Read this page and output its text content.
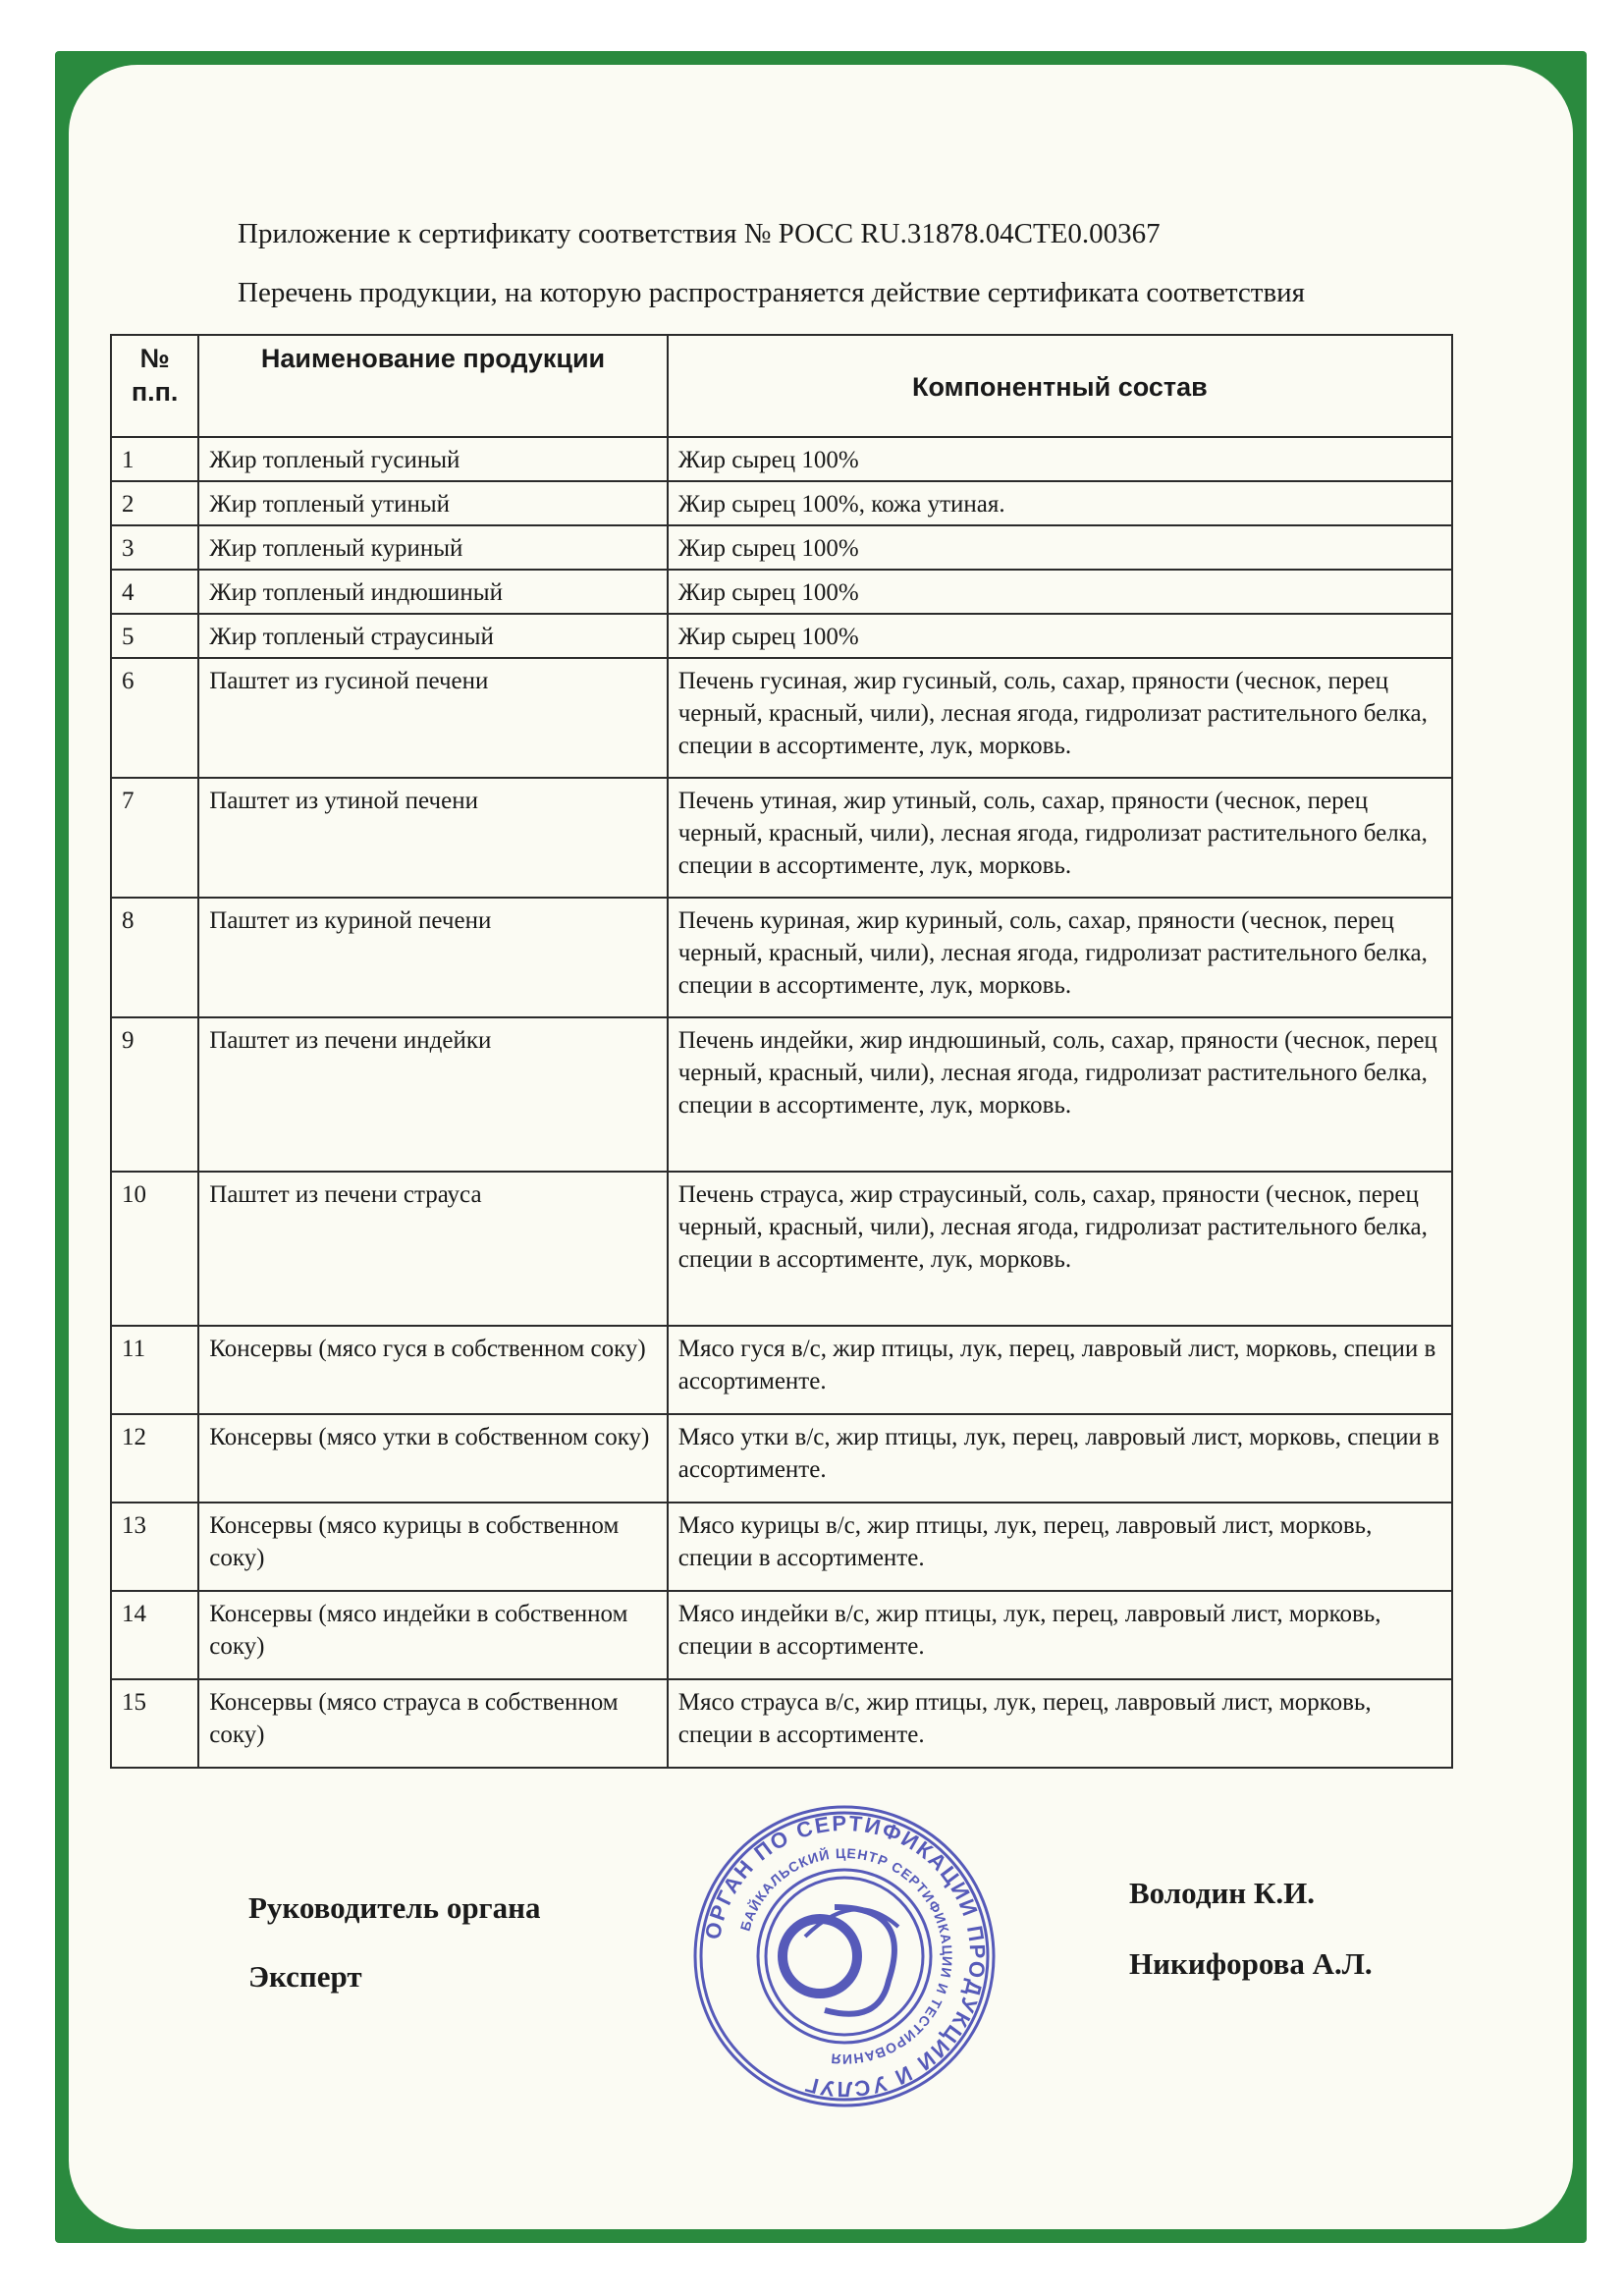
Приложение к сертификату соответствия № РОСС RU.31878.04СТЕ0.00367
Перечень продукции, на которую распространяется действие сертификата соответствия
№ п.п.	Наименование продукции	Компонентный состав
1	Жир топленый гусиный	Жир сырец 100%
2	Жир топленый утиный	Жир сырец 100%, кожа утиная.
3	Жир топленый куриный	Жир сырец 100%
4	Жир топленый индюшиный	Жир сырец 100%
5	Жир топленый страусиный	Жир сырец 100%
6	Паштет из гусиной печени	Печень гусиная, жир гусиный, соль, сахар, пряности (чеснок, перец черный, красный, чили), лесная ягода, гидролизат растительного белка, специи в ассортименте, лук, морковь.
7	Паштет из утиной печени	Печень утиная, жир утиный, соль, сахар, пряности (чеснок, перец черный, красный, чили), лесная ягода, гидролизат растительного белка, специи в ассортименте, лук, морковь.
8	Паштет из куриной печени	Печень куриная, жир куриный, соль, сахар, пряности (чеснок, перец черный, красный, чили), лесная ягода, гидролизат растительного белка, специи в ассортименте, лук, морковь.
9	Паштет из печени индейки	Печень индейки, жир индюшиный, соль, сахар, пряности (чеснок, перец черный, красный, чили), лесная ягода, гидролизат растительного белка, специи в ассортименте, лук, морковь.
10	Паштет из печени страуса	Печень страуса, жир страусиный, соль, сахар, пряности (чеснок, перец черный, красный, чили), лесная ягода, гидролизат растительного белка, специи в ассортименте, лук, морковь.
11	Консервы (мясо гуся в собственном соку)	Мясо гуся в/с, жир птицы, лук, перец, лавровый лист, морковь, специи в ассортименте.
12	Консервы (мясо утки в собственном соку)	Мясо утки в/с, жир птицы, лук, перец, лавровый лист, морковь, специи в ассортименте.
13	Консервы (мясо курицы в собственном соку)	Мясо курицы в/с, жир птицы, лук, перец, лавровый лист, морковь, специи в ассортименте.
14	Консервы (мясо индейки в собственном соку)	Мясо индейки в/с, жир птицы, лук, перец, лавровый лист, морковь, специи в ассортименте.
15	Консервы (мясо страуса в собственном соку)	Мясо страуса в/с, жир птицы, лук, перец, лавровый лист, морковь, специи в ассортименте.
Руководитель органа
Эксперт
Володин К.И.
Никифорова А.Л.
ОРГАН ПО СЕРТИФИКАЦИИ ПРОДУКЦИИ И УСЛУГ
БАЙКАЛЬСКИЙ ЦЕНТР СЕРТИФИКАЦИИ И ТЕСТИРОВАНИЯ
